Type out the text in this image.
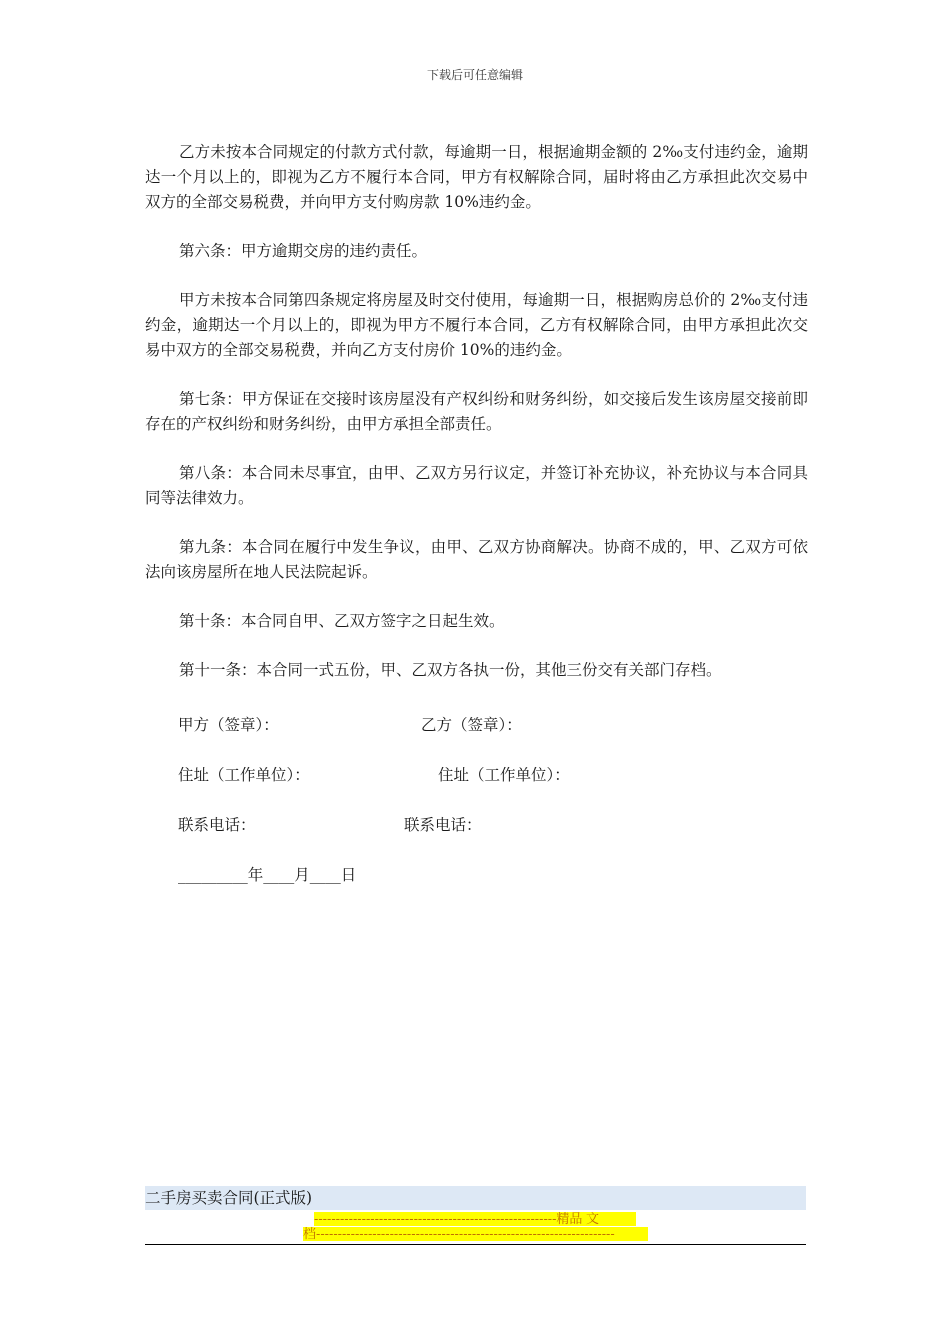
下载后可任意编辑

乙方未按本合同规定的付款方式付款，每逾期一日，根据逾期金额的 2‰支付违约金，逾期达一个月以上的，即视为乙方不履行本合同，甲方有权解除合同，届时将由乙方承担此次交易中双方的全部交易税费，并向甲方支付购房款 10%违约金。

第六条：甲方逾期交房的违约责任。

甲方未按本合同第四条规定将房屋及时交付使用，每逾期一日，根据购房总价的 2‰支付违约金，逾期达一个月以上的，即视为甲方不履行本合同，乙方有权解除合同，由甲方承担此次交易中双方的全部交易税费，并向乙方支付房价 10%的违约金。

第七条：甲方保证在交接时该房屋没有产权纠纷和财务纠纷，如交接后发生该房屋交接前即存在的产权纠纷和财务纠纷，由甲方承担全部责任。

第八条：本合同未尽事宜，由甲、乙双方另行议定，并签订补充协议，补充协议与本合同具同等法律效力。

第九条：本合同在履行中发生争议，由甲、乙双方协商解决。协商不成的，甲、乙双方可依法向该房屋所在地人民法院起诉。

第十条：本合同自甲、乙双方签字之日起生效。

第十一条：本合同一式五份，甲、乙双方各执一份，其他三份交有关部门存档。

甲方（签章）：	乙方（签章）：
住址（工作单位）：	住址（工作单位）：
联系电话：	联系电话：
_________年____月____日
二手房买卖合同(正式版)
--------------------------------------------------------精品 文
档---------------------------------------------------------------------
